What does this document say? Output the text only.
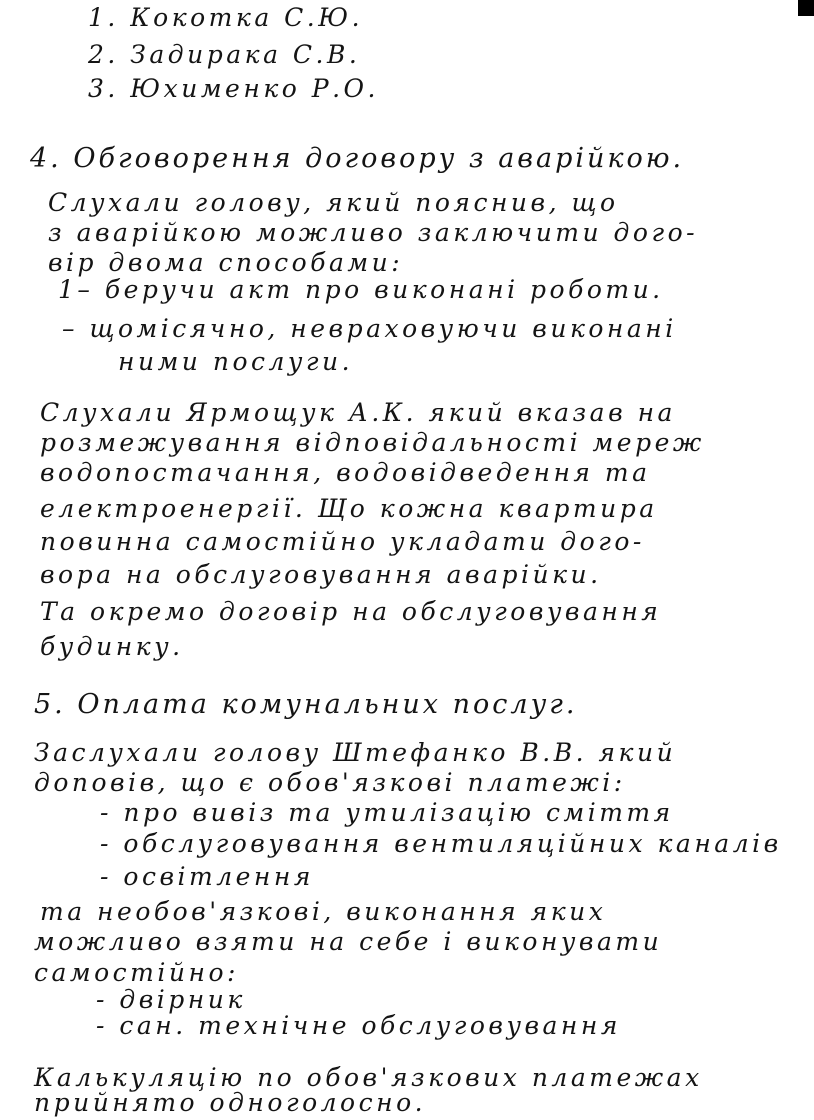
1. Кокотка С.Ю.
2. Задирака С.В.
3. Юхименко Р.О.
4. Обговорення договору з аварійкою.
Слухали голову, який пояснив, що
з аварійкою можливо заключити дого-
вір двома способами:
1– беручи акт про виконані роботи.
– щомісячно, невраховуючи виконані
ними послуги.
Слухали Ярмощук А.К. який вказав на
розмежування відповідальності мереж
водопостачання, водовідведення та
електроенергії. Що кожна квартира
повинна самостійно укладати дого-
вора на обслуговування аварійки.
Та окремо договір на обслуговування
будинку.
5. Оплата комунальних послуг.
Заслухали голову Штефанко В.В. який
доповів, що є обов'язкові платежі:
- про вивіз та утилізацію сміття
- обслуговування вентиляційних каналів
- освітлення
та необов'язкові, виконання яких
можливо взяти на себе і виконувати
самостійно:
- двірник
- сан. технічне обслуговування
Калькуляцію по обов'язкових платежах
прийнято одноголосно.
